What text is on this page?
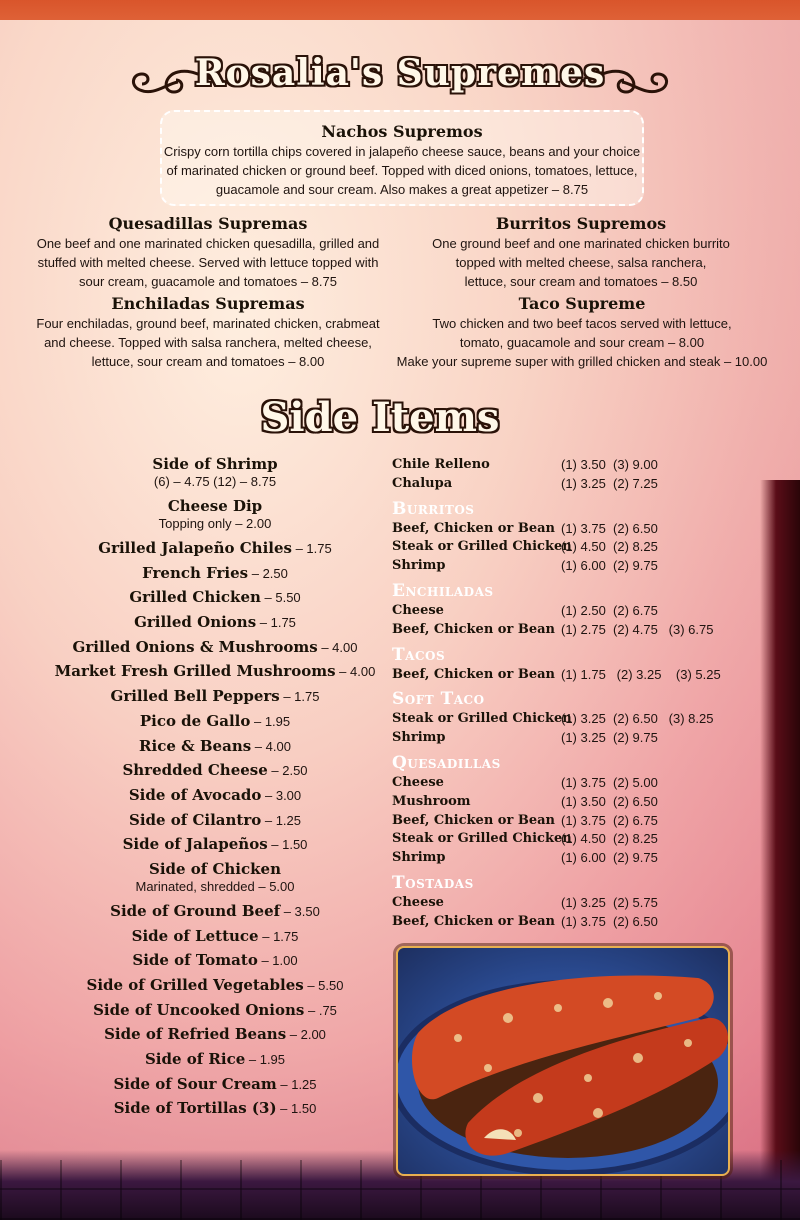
Rosalia's Supremes
Nachos Supremos
Crispy corn tortilla chips covered in jalapeño cheese sauce, beans and your choice
of marinated chicken or ground beef. Topped with diced onions, tomatoes, lettuce,
guacamole and sour cream. Also makes a great appetizer – 8.75
Quesadillas Supremas
One beef and one marinated chicken quesadilla, grilled and
stuffed with melted cheese. Served with lettuce topped with
sour cream, guacamole and tomatoes – 8.75
Burritos Supremos
One ground beef and one marinated chicken burrito
topped with melted cheese, salsa ranchera,
lettuce, sour cream and tomatoes – 8.50
Enchiladas Supremas
Four enchiladas, ground beef, marinated chicken, crabmeat
and cheese. Topped with salsa ranchera, melted cheese,
lettuce, sour cream and tomatoes – 8.00
Taco Supreme
Two chicken and two beef tacos served with lettuce,
tomato, guacamole and sour cream – 8.00
Make your supreme super with grilled chicken and steak – 10.00
Side Items
Side of Shrimp
(6) – 4.75 (12) – 8.75
Cheese Dip
Topping only – 2.00
Grilled Jalapeño Chiles – 1.75
French Fries – 2.50
Grilled Chicken – 5.50
Grilled Onions – 1.75
Grilled Onions & Mushrooms – 4.00
Market Fresh Grilled Mushrooms – 4.00
Grilled Bell Peppers – 1.75
Pico de Gallo – 1.95
Rice & Beans – 4.00
Shredded Cheese – 2.50
Side of Avocado – 3.00
Side of Cilantro – 1.25
Side of Jalapeños – 1.50
Side of Chicken
Marinated, shredded – 5.00
Side of Ground Beef – 3.50
Side of Lettuce – 1.75
Side of Tomato – 1.00
Side of Grilled Vegetables – 5.50
Side of Uncooked Onions – .75
Side of Refried Beans – 2.00
Side of Rice – 1.95
Side of Sour Cream – 1.25
Side of Tortillas (3) – 1.50
Chile Relleno	(1) 3.50  (3) 9.00
Chalupa	(1) 3.25  (2) 7.25
Burritos
Beef, Chicken or Bean (1) 3.75  (2) 6.50
Steak or Grilled Chicken
(1) 4.50  (2) 8.25
Shrimp	(1) 6.00  (2) 9.75
Enchiladas
Cheese	(1) 2.50  (2) 6.75
Beef, Chicken or Bean (1) 2.75  (2) 4.75   (3) 6.75
Tacos
Beef, Chicken or Bean (1) 1.75   (2) 3.25    (3) 5.25
Soft Taco
Steak or Grilled Chicken
(1) 3.25  (2) 6.50   (3) 8.25
Shrimp	(1) 3.25  (2) 9.75
Quesadillas
Cheese	(1) 3.75  (2) 5.00
Mushroom	(1) 3.50  (2) 6.50
Beef, Chicken or Bean (1) 3.75  (2) 6.75
Steak or Grilled Chicken
(1) 4.50  (2) 8.25
Shrimp	(1) 6.00  (2) 9.75
Tostadas
Cheese	(1) 3.25  (2) 5.75
Beef, Chicken or Bean (1) 3.75  (2) 6.50
